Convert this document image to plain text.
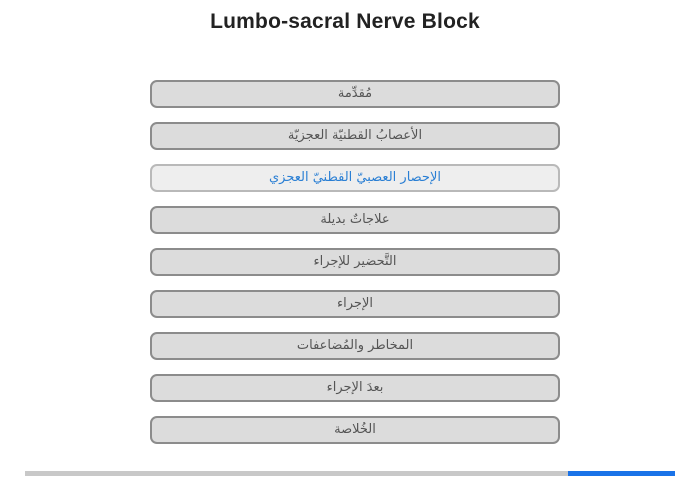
Lumbo-sacral Nerve Block
مُقدِّمة
الأعصابُ القطنيّة العجزيّة
الإحصار العصبيّ القطنيّ العجزي
علاجاتٌ بديلة
التَّحضير للإجراء
الإجراء
المخاطر والمُضاعفات
بعدَ الإجراء
الخُلاصة
